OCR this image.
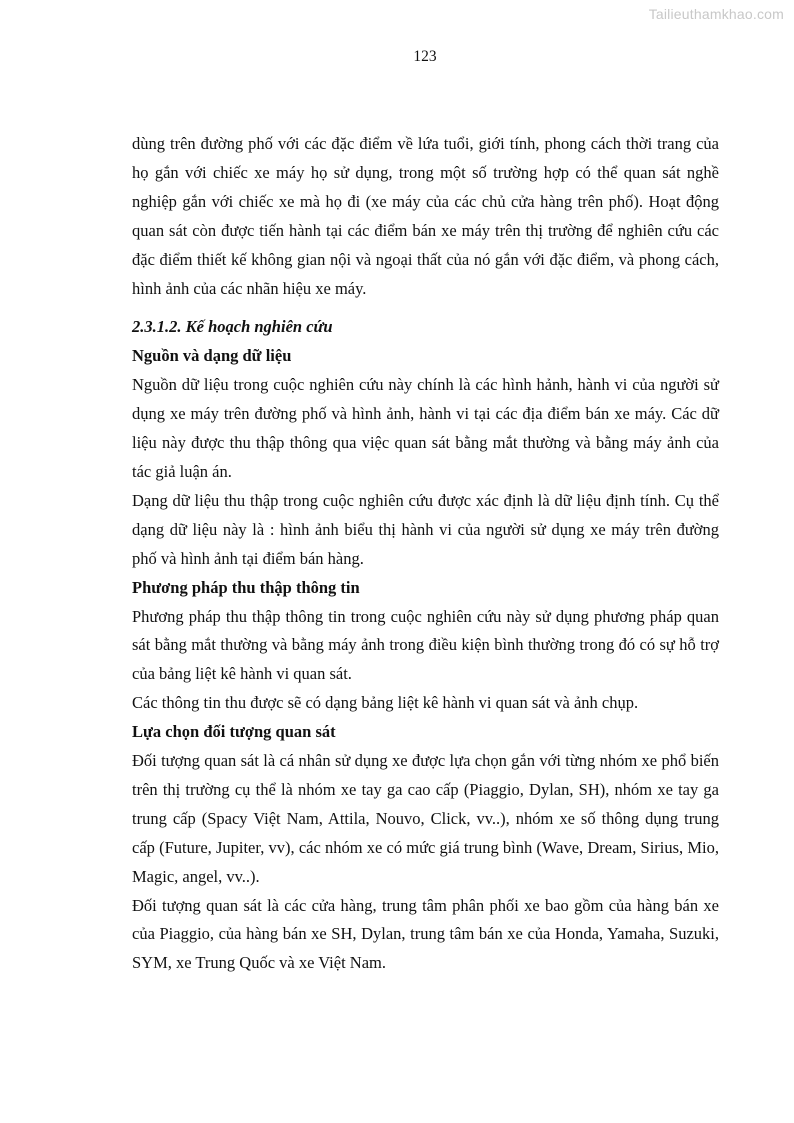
Tailieuthamkhao.com
123

dùng trên đường phố với các đặc điểm về lứa tuổi, giới tính, phong cách thời trang của họ gắn với chiếc xe máy họ sử dụng, trong một số trường hợp có thể quan sát nghề nghiệp gắn với chiếc xe mà họ đi (xe máy của các chủ cửa hàng trên phố). Hoạt động quan sát còn được tiến hành tại các điểm bán xe máy trên thị trường để nghiên cứu các đặc điểm thiết kế không gian nội và ngoại thất của nó gắn với đặc điểm, và phong cách, hình ảnh của các nhãn hiệu xe máy.

2.3.1.2. Kế hoạch nghiên cứu

Nguồn và dạng dữ liệu

Nguồn dữ liệu trong cuộc nghiên cứu này chính là các hình hảnh, hành vi của người sử dụng xe máy trên đường phố và hình ảnh, hành vi tại các địa điểm bán xe máy. Các dữ liệu này được thu thập thông qua việc quan sát bằng mắt thường và bằng máy ảnh của tác giả luận án.

Dạng dữ liệu thu thập trong cuộc nghiên cứu được xác định là dữ liệu định tính. Cụ thể dạng dữ liệu này là : hình ảnh biểu thị hành vi của người sử dụng xe máy trên đường phố và hình ảnh tại điểm bán hàng.

Phương pháp thu thập thông tin

Phương pháp thu thập thông tin trong cuộc nghiên cứu này sử dụng phương pháp quan sát bằng mắt thường và bằng máy ảnh trong điều kiện bình thường trong đó có sự hỗ trợ của bảng liệt kê hành vi quan sát.

Các thông tin thu được sẽ có dạng bảng liệt kê hành vi quan sát và ảnh chụp.

Lựa chọn đối tượng quan sát

Đối tượng quan sát là cá nhân sử dụng xe được lựa chọn gắn với từng nhóm xe phổ biến trên thị trường cụ thể là nhóm xe tay ga cao cấp (Piaggio, Dylan, SH), nhóm xe tay ga trung cấp (Spacy Việt Nam, Attila, Nouvo, Click, vv..), nhóm xe số thông dụng trung cấp (Future, Jupiter, vv), các nhóm xe có mức giá trung bình (Wave, Dream, Sirius, Mio, Magic, angel, vv..).

Đối tượng quan sát là các cửa hàng, trung tâm phân phối xe bao gồm của hàng bán xe của Piaggio, của hàng bán xe SH, Dylan, trung tâm bán xe của Honda, Yamaha, Suzuki, SYM, xe Trung Quốc và xe Việt Nam.
